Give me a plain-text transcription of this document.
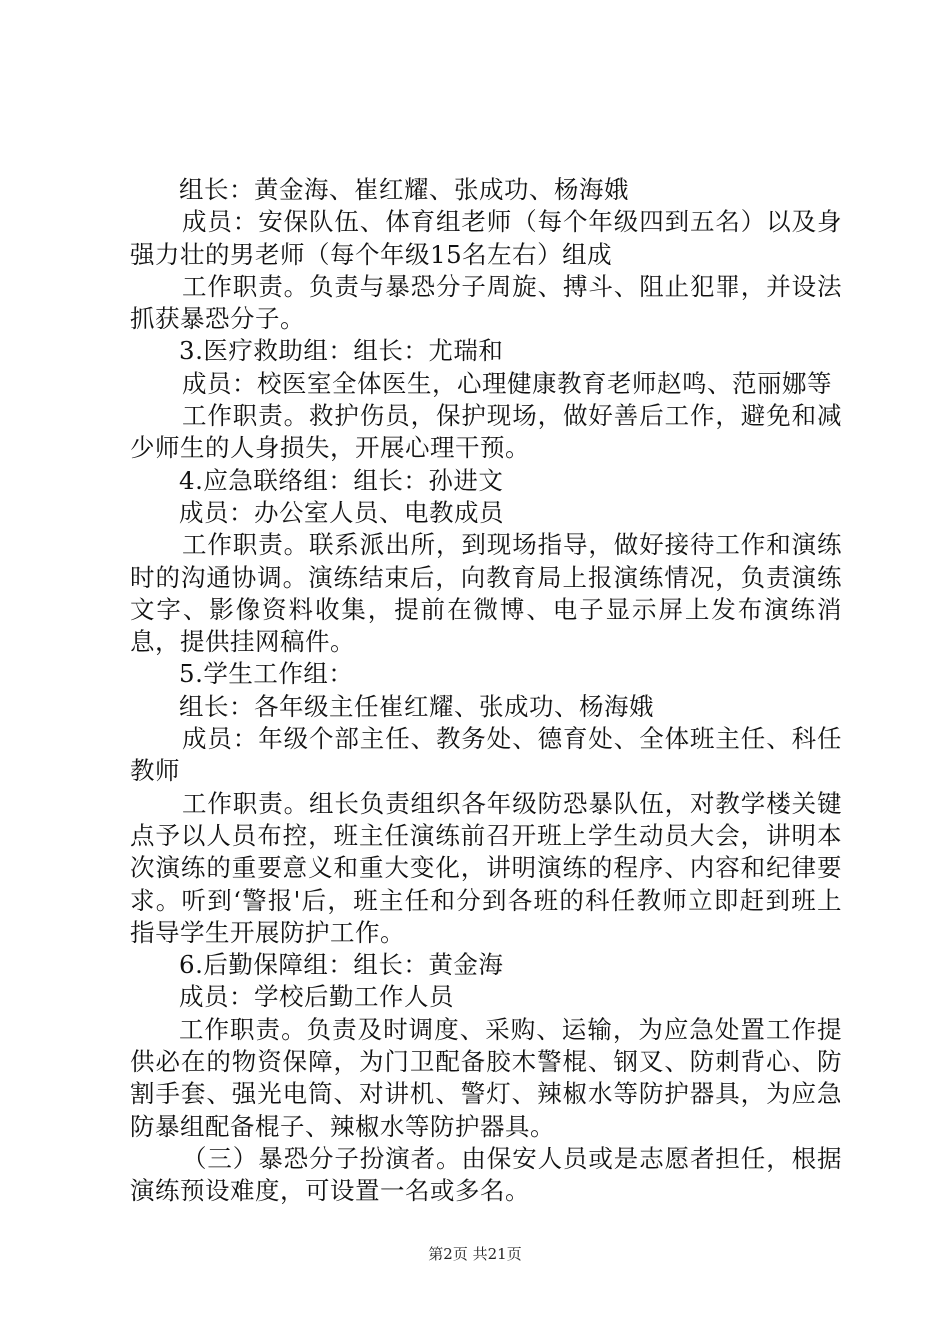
组长：黄金海、崔红耀、张成功、杨海娥

成员：安保队伍、体育组老师（每个年级四到五名）以及身强力壮的男老师（每个年级15名左右）组成

工作职责。负责与暴恐分子周旋、搏斗、阻止犯罪，并设法抓获暴恐分子。

3.医疗救助组：组长：尤瑞和

成员：校医室全体医生，心理健康教育老师赵鸣、范丽娜等

工作职责。救护伤员，保护现场，做好善后工作，避免和减少师生的人身损失，开展心理干预。

4.应急联络组：组长：孙进文

成员：办公室人员、电教成员

工作职责。联系派出所，到现场指导，做好接待工作和演练时的沟通协调。演练结束后，向教育局上报演练情况，负责演练文字、影像资料收集，提前在微博、电子显示屏上发布演练消息，提供挂网稿件。

5.学生工作组：

组长：各年级主任崔红耀、张成功、杨海娥

成员：年级个部主任、教务处、德育处、全体班主任、科任教师

工作职责。组长负责组织各年级防恐暴队伍，对教学楼关键点予以人员布控，班主任演练前召开班上学生动员大会，讲明本次演练的重要意义和重大变化，讲明演练的程序、内容和纪律要求。听到‘警报'后，班主任和分到各班的科任教师立即赶到班上指导学生开展防护工作。

6.后勤保障组：组长：黄金海

成员：学校后勤工作人员

工作职责。负责及时调度、采购、运输，为应急处置工作提供必在的物资保障，为门卫配备胶木警棍、钢叉、防刺背心、防割手套、强光电筒、对讲机、警灯、辣椒水等防护器具，为应急防暴组配备棍子、辣椒水等防护器具。

（三）暴恐分子扮演者。由保安人员或是志愿者担任，根据演练预设难度，可设置一名或多名。

第2页 共21页
